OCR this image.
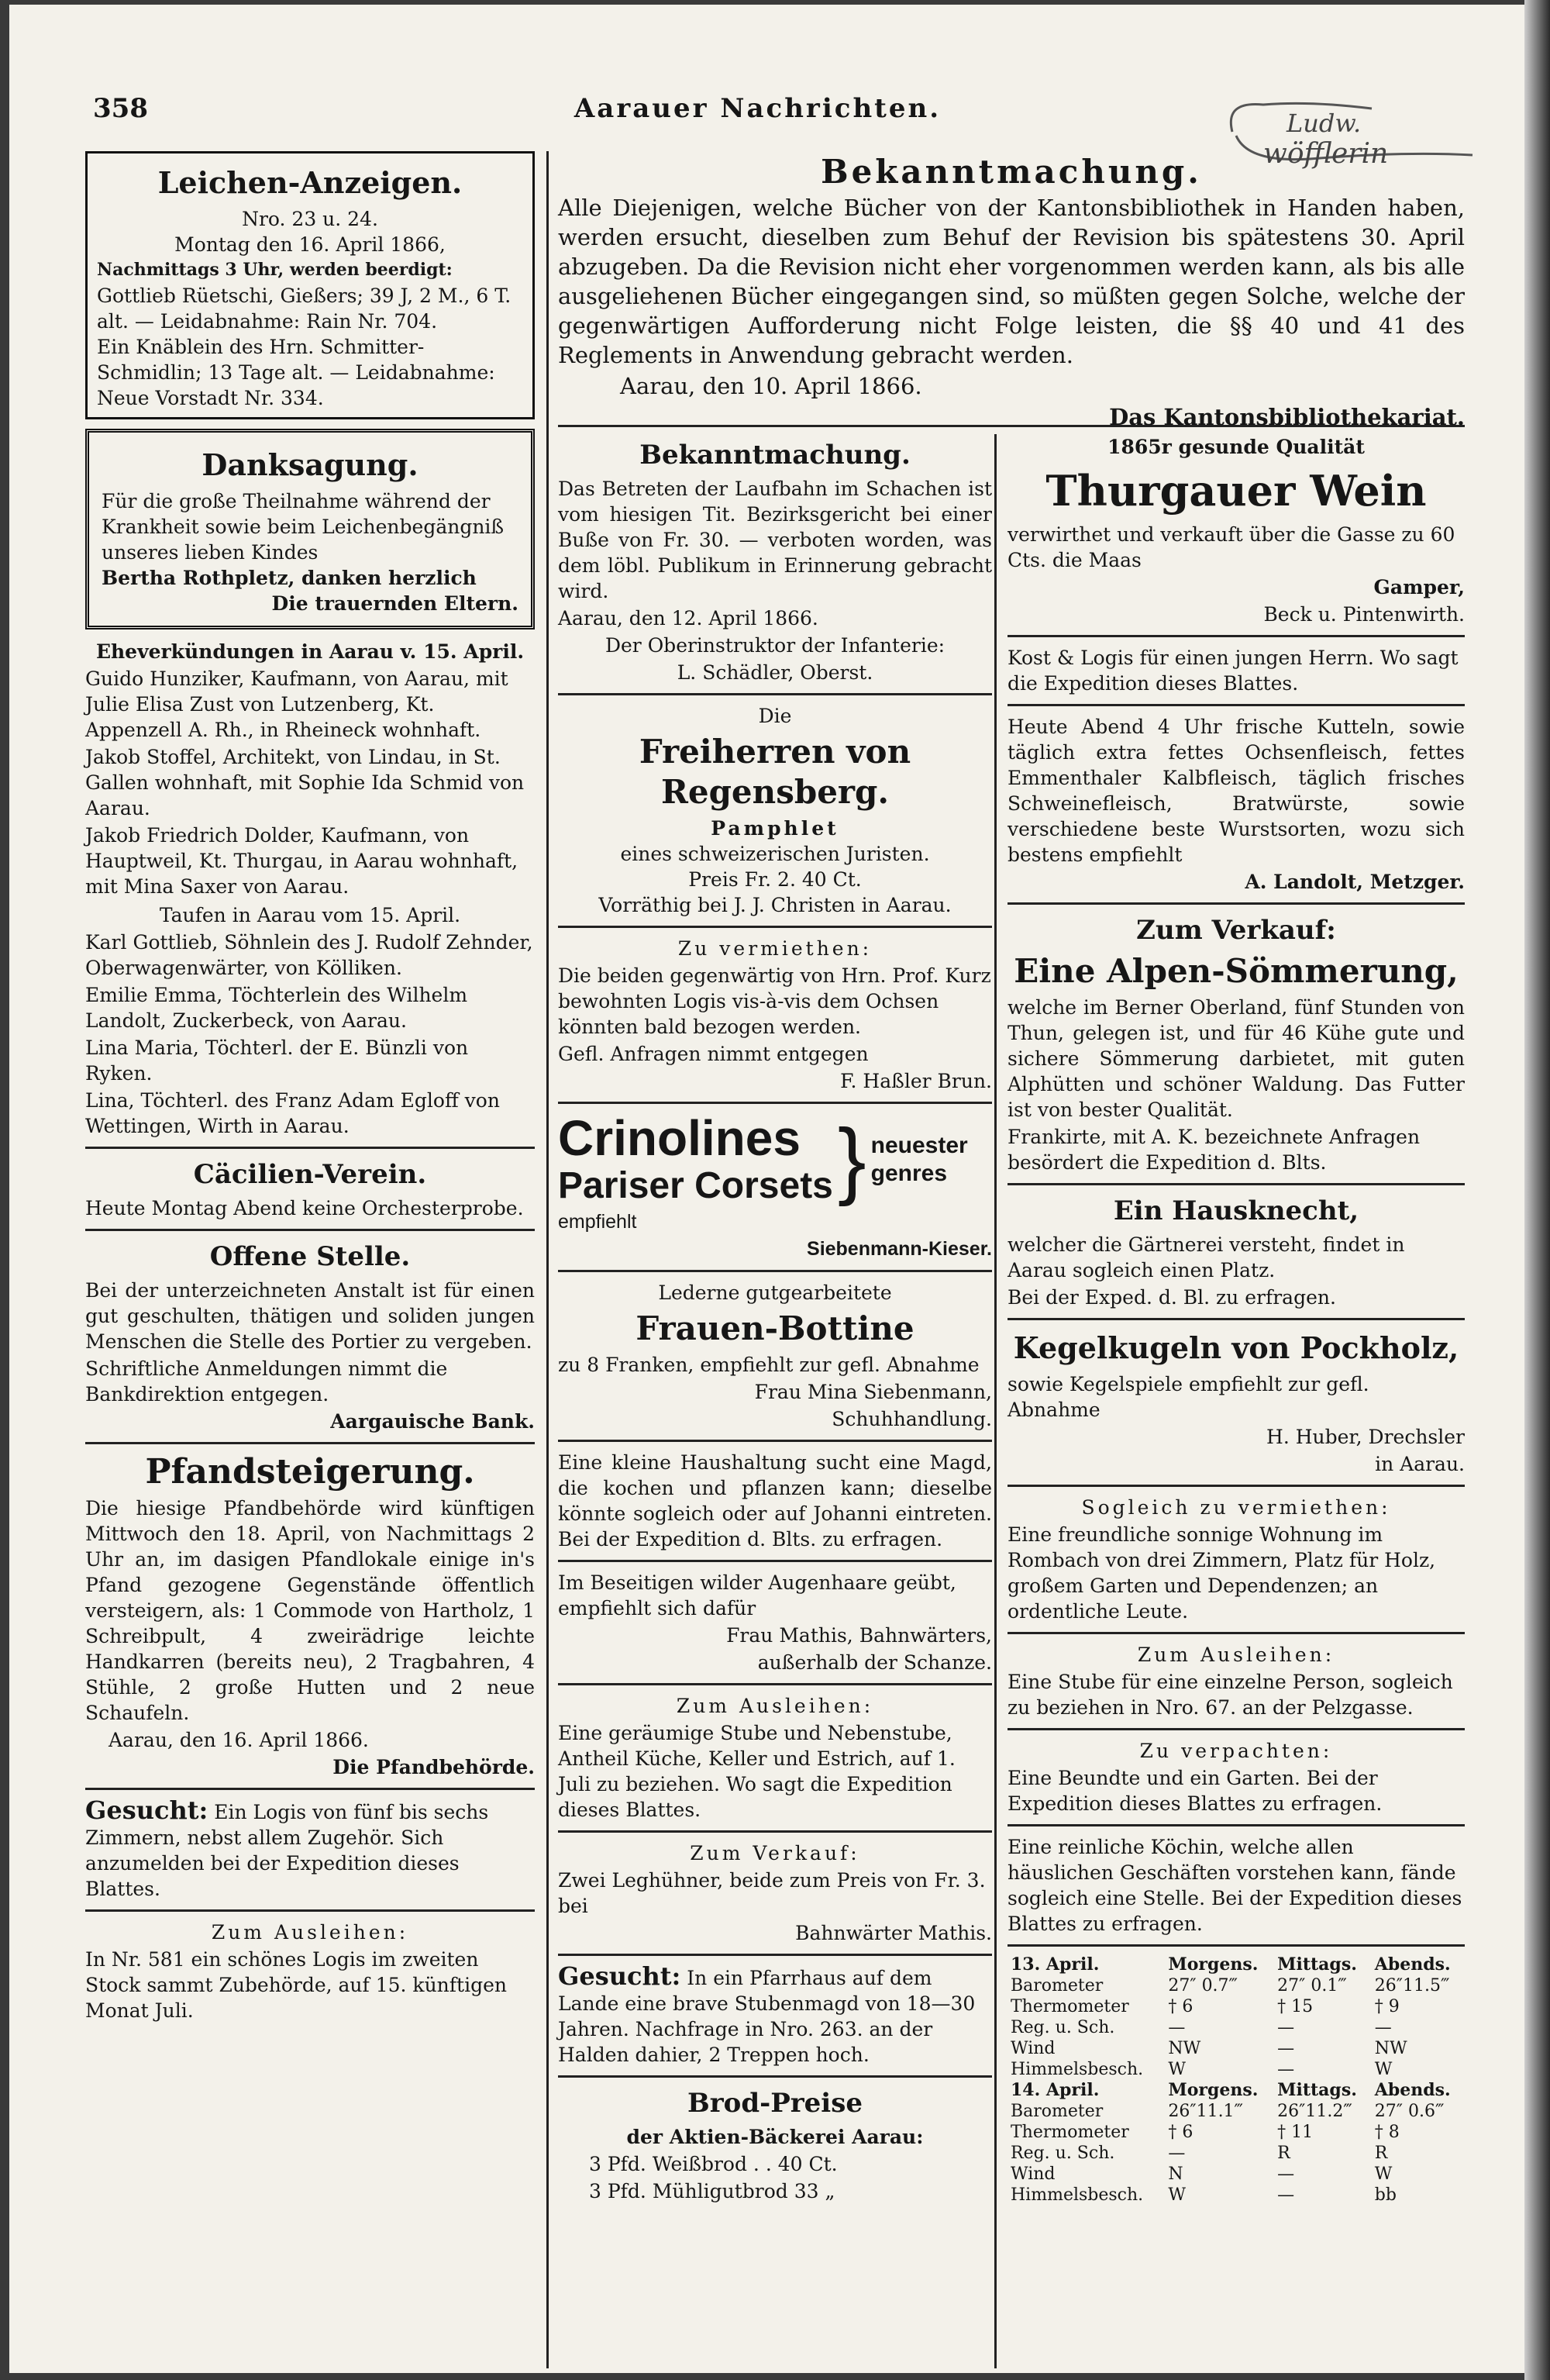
358	Aarauer Nachrichten.	Ludw.
wöfflerin
Bekanntmachung.
Alle Diejenigen, welche Bücher von der Kantonsbibliothek in Handen haben, werden ersucht, dieselben zum Behuf der Revision bis spätestens 30. April abzugeben. Da die Revision nicht eher vorgenommen werden kann, als bis alle ausgeliehenen Bücher eingegangen sind, so müßten gegen Solche, welche der gegenwärtigen Aufforderung nicht Folge leisten, die §§ 40 und 41 des Reglements in Anwendung gebracht werden.
Aarau, den 10. April 1866.
Das Kantonsbibliothekariat.
Leichen-Anzeigen.
Nro. 23 u. 24.
Montag den 16. April 1866,
Nachmittags 3 Uhr, werden beerdigt:
Gottlieb Rüetschi, Gießers; 39 J, 2 M., 6 T. alt. — Leidabnahme: Rain Nr. 704.
Ein Knäblein des Hrn. Schmitter-Schmidlin; 13 Tage alt. — Leidabnahme: Neue Vorstadt Nr. 334.
Danksagung.
Für die große Theilnahme während der Krankheit sowie beim Leichenbegängniß unseres lieben Kindes
Bertha Rothpletz, danken herzlich
Die trauernden Eltern.
Eheverkündungen in Aarau v. 15. April.
Guido Hunziker, Kaufmann, von Aarau, mit Julie Elisa Zust von Lutzenberg, Kt. Appenzell A. Rh., in Rheineck wohnhaft.
Jakob Stoffel, Architekt, von Lindau, in St. Gallen wohnhaft, mit Sophie Ida Schmid von Aarau.
Jakob Friedrich Dolder, Kaufmann, von Hauptweil, Kt. Thurgau, in Aarau wohnhaft, mit Mina Saxer von Aarau.
Taufen in Aarau vom 15. April.
Karl Gottlieb, Söhnlein des J. Rudolf Zehnder, Oberwagenwärter, von Kölliken.
Emilie Emma, Töchterlein des Wilhelm Landolt, Zuckerbeck, von Aarau.
Lina Maria, Töchterl. der E. Bünzli von Ryken.
Lina, Töchterl. des Franz Adam Egloff von Wettingen, Wirth in Aarau.
Cäcilien-Verein.
Heute Montag Abend keine Orchesterprobe.
Offene Stelle.
Bei der unterzeichneten Anstalt ist für einen gut geschulten, thätigen und soliden jungen Menschen die Stelle des Portier zu vergeben.
Schriftliche Anmeldungen nimmt die Bankdirektion entgegen.
Aargauische Bank.
Pfandsteigerung.
Die hiesige Pfandbehörde wird künftigen Mittwoch den 18. April, von Nachmittags 2 Uhr an, im dasigen Pfandlokale einige in's Pfand gezogene Gegenstände öffentlich versteigern, als: 1 Commode von Hartholz, 1 Schreibpult, 4 zweirädrige leichte Handkarren (bereits neu), 2 Tragbahren, 4 Stühle, 2 große Hutten und 2 neue Schaufeln.
Aarau, den 16. April 1866.
Die Pfandbehörde.
Gesucht: Ein Logis von fünf bis sechs Zimmern, nebst allem Zugehör. Sich anzumelden bei der Expedition dieses Blattes.
Zum Ausleihen:
In Nr. 581 ein schönes Logis im zweiten Stock sammt Zubehörde, auf 15. künftigen Monat Juli.
Bekanntmachung.
Das Betreten der Laufbahn im Schachen ist vom hiesigen Tit. Bezirksgericht bei einer Buße von Fr. 30. — verboten worden, was dem löbl. Publikum in Erinnerung gebracht wird.
Aarau, den 12. April 1866.
Der Oberinstruktor der Infanterie:
L. Schädler, Oberst.
Die
Freiherren von Regensberg.
Pamphlet
eines schweizerischen Juristen.
Preis Fr. 2. 40 Ct.
Vorräthig bei J. J. Christen in Aarau.
Zu vermiethen:
Die beiden gegenwärtig von Hrn. Prof. Kurz bewohnten Logis vis-à-vis dem Ochsen könnten bald bezogen werden.
Gefl. Anfragen nimmt entgegen
F. Haßler Brun.
Crinolines
Pariser Corsets } neuester
genres
empfiehlt
Siebenmann-Kieser.
Lederne gutgearbeitete
Frauen-Bottine
zu 8 Franken, empfiehlt zur gefl. Abnahme
Frau Mina Siebenmann,
Schuhhandlung.
Eine kleine Haushaltung sucht eine Magd, die kochen und pflanzen kann; dieselbe könnte sogleich oder auf Johanni eintreten. Bei der Expedition d. Blts. zu erfragen.
Im Beseitigen wilder Augenhaare geübt, empfiehlt sich dafür
Frau Mathis, Bahnwärters,
außerhalb der Schanze.
Zum Ausleihen:
Eine geräumige Stube und Nebenstube, Antheil Küche, Keller und Estrich, auf 1. Juli zu beziehen. Wo sagt die Expedition dieses Blattes.
Zum Verkauf:
Zwei Leghühner, beide zum Preis von Fr. 3. bei
Bahnwärter Mathis.
Gesucht: In ein Pfarrhaus auf dem Lande eine brave Stubenmagd von 18—30 Jahren. Nachfrage in Nro. 263. an der Halden dahier, 2 Treppen hoch.
Brod-Preise
der Aktien-Bäckerei Aarau:
3 Pfd. Weißbrod . . 40 Ct.
3 Pfd. Mühligutbrod 33 „
1865r gesunde Qualität
Thurgauer Wein
verwirthet und verkauft über die Gasse zu 60 Cts. die Maas
Gamper,
Beck u. Pintenwirth.
Kost & Logis für einen jungen Herrn. Wo sagt die Expedition dieses Blattes.
Heute Abend 4 Uhr frische Kutteln, sowie täglich extra fettes Ochsenfleisch, fettes Emmenthaler Kalbfleisch, täglich frisches Schweinefleisch, Bratwürste, sowie verschiedene beste Wurstsorten, wozu sich bestens empfiehlt
A. Landolt, Metzger.
Zum Verkauf:
Eine Alpen-Sömmerung,
welche im Berner Oberland, fünf Stunden von Thun, gelegen ist, und für 46 Kühe gute und sichere Sömmerung darbietet, mit guten Alphütten und schöner Waldung. Das Futter ist von bester Qualität.
Frankirte, mit A. K. bezeichnete Anfragen besördert die Expedition d. Blts.
Ein Hausknecht,
welcher die Gärtnerei versteht, findet in Aarau sogleich einen Platz.
Bei der Exped. d. Bl. zu erfragen.
Kegelkugeln von Pockholz,
sowie Kegelspiele empfiehlt zur gefl. Abnahme
H. Huber, Drechsler
in Aarau.
Sogleich zu vermiethen:
Eine freundliche sonnige Wohnung im Rombach von drei Zimmern, Platz für Holz, großem Garten und Dependenzen; an ordentliche Leute.
Zum Ausleihen:
Eine Stube für eine einzelne Person, sogleich zu beziehen in Nro. 67. an der Pelzgasse.
Zu verpachten:
Eine Beundte und ein Garten. Bei der Expedition dieses Blattes zu erfragen.
Eine reinliche Köchin, welche allen häuslichen Geschäften vorstehen kann, fände sogleich eine Stelle. Bei der Expedition dieses Blattes zu erfragen.
13. April.	Morgens.	Mittags.	Abends.
Barometer	27″ 0.7‴	27″ 0.1‴	26″11.5‴
Thermometer	† 6	† 15	† 9
Reg. u. Sch.	—	—	—
Wind	NW	—	NW
Himmelsbesch.	W	—	W
14. April.	Morgens.	Mittags.	Abends.
Barometer	26″11.1‴	26″11.2‴	27″ 0.6‴
Thermometer	† 6	† 11	† 8
Reg. u. Sch.	—	R	R
Wind	N	—	W
Himmelsbesch.	W	—	bb
